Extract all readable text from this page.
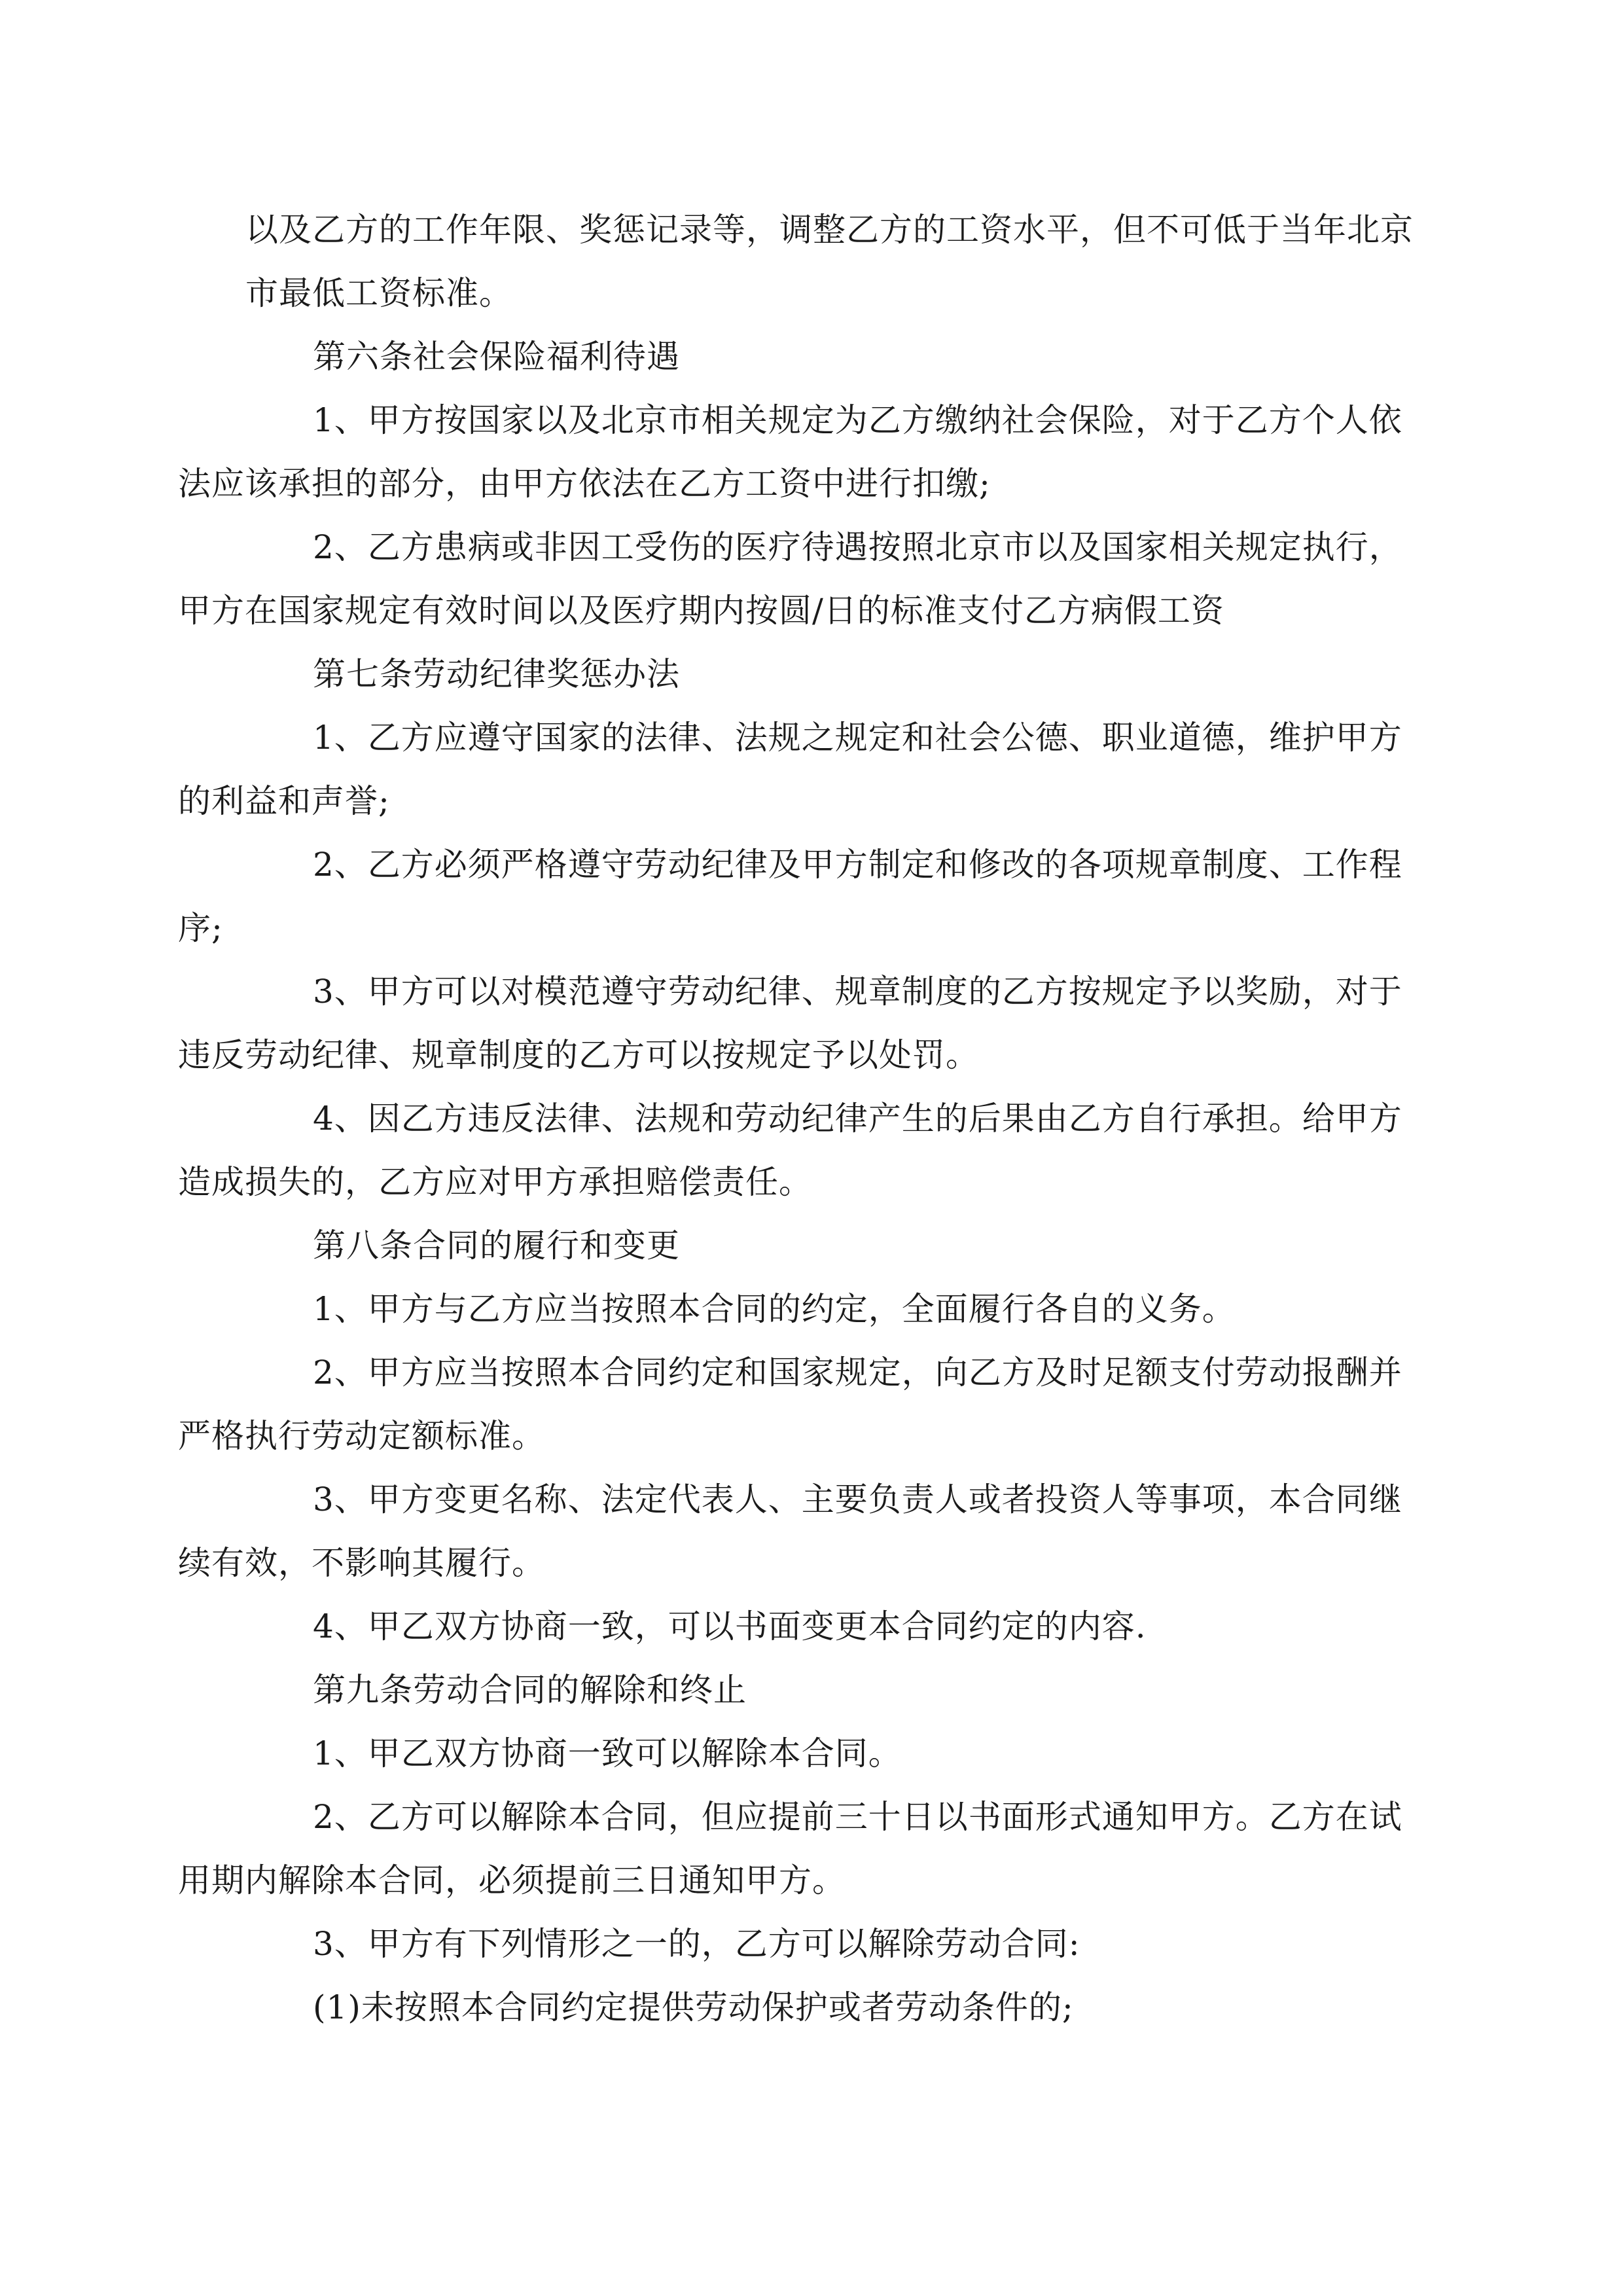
以及乙方的工作年限、奖惩记录等，调整乙方的工资水平，但不可低于当年北京
市最低工资标准。

第六条社会保险福利待遇

1、甲方按国家以及北京市相关规定为乙方缴纳社会保险，对于乙方个人依
法应该承担的部分，由甲方依法在乙方工资中进行扣缴;

2、乙方患病或非因工受伤的医疗待遇按照北京市以及国家相关规定执行，
甲方在国家规定有效时间以及医疗期内按圆/日的标准支付乙方病假工资

第七条劳动纪律奖惩办法

1、乙方应遵守国家的法律、法规之规定和社会公德、职业道德，维护甲方
的利益和声誉;

2、乙方必须严格遵守劳动纪律及甲方制定和修改的各项规章制度、工作程
序;

3、甲方可以对模范遵守劳动纪律、规章制度的乙方按规定予以奖励，对于
违反劳动纪律、规章制度的乙方可以按规定予以处罚。

4、因乙方违反法律、法规和劳动纪律产生的后果由乙方自行承担。给甲方
造成损失的，乙方应对甲方承担赔偿责任。

第八条合同的履行和变更

1、甲方与乙方应当按照本合同的约定，全面履行各自的义务。

2、甲方应当按照本合同约定和国家规定，向乙方及时足额支付劳动报酬并
严格执行劳动定额标准。

3、甲方变更名称、法定代表人、主要负责人或者投资人等事项，本合同继
续有效，不影响其履行。

4、甲乙双方协商一致，可以书面变更本合同约定的内容.

第九条劳动合同的解除和终止

1、甲乙双方协商一致可以解除本合同。

2、乙方可以解除本合同，但应提前三十日以书面形式通知甲方。乙方在试
用期内解除本合同，必须提前三日通知甲方。

3、甲方有下列情形之一的，乙方可以解除劳动合同:

(1)未按照本合同约定提供劳动保护或者劳动条件的;
